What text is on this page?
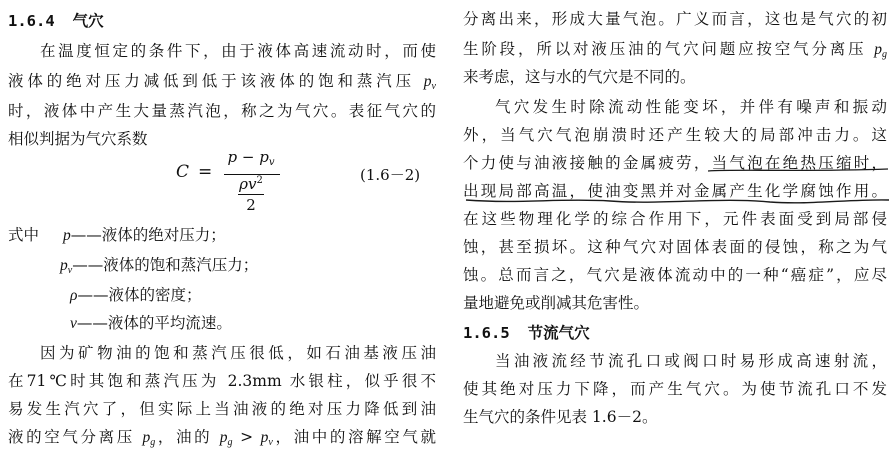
1.6.4 气穴
在温度恒定的条件下，由于液体高速流动时，而使
液体的绝对压力减低到低于该液体的饱和蒸汽压 $p_v$
时，液体中产生大量蒸汽泡，称之为气穴。表征气穴的
相似判据为气穴系数
C =
$p - p_v$
$\rho v^2$
2
(1.6－2)
式中 p——液体的绝对压力；
$p_v——$液体的饱和蒸汽压力；
ρ——液体的密度；
v——液体的平均流速。
因为矿物油的饱和蒸汽压很低，如石油基液压油
在71℃时其饱和蒸汽压为 2.3mm 水银柱，似乎很不
易发生汽穴了，但实际上当油液的绝对压力降低到油
液的空气分离压 $p_g$，油的 $p_g > p_v$，油中的溶解空气就
分离出来，形成大量气泡。广义而言，这也是气穴的初
生阶段，所以对液压油的气穴问题应按空气分离压 $p_g$
来考虑，这与水的气穴是不同的。
气穴发生时除流动性能变坏，并伴有噪声和振动
外，当气穴气泡崩溃时还产生较大的局部冲击力。这
个力使与油液接触的金属疲劳，当气泡在绝热压缩时，
出现局部高温，使油变黑并对金属产生化学腐蚀作用。
在这些物理化学的综合作用下，元件表面受到局部侵
蚀，甚至损坏。这种气穴对固体表面的侵蚀，称之为气
蚀。总而言之，气穴是液体流动中的一种“癌症”，应尽
量地避免或削减其危害性。
1.6.5 节流气穴
当油液流经节流孔口或阀口时易形成高速射流，
使其绝对压力下降，而产生气穴。为使节流孔口不发
生气穴的条件见表 1.6－2。
